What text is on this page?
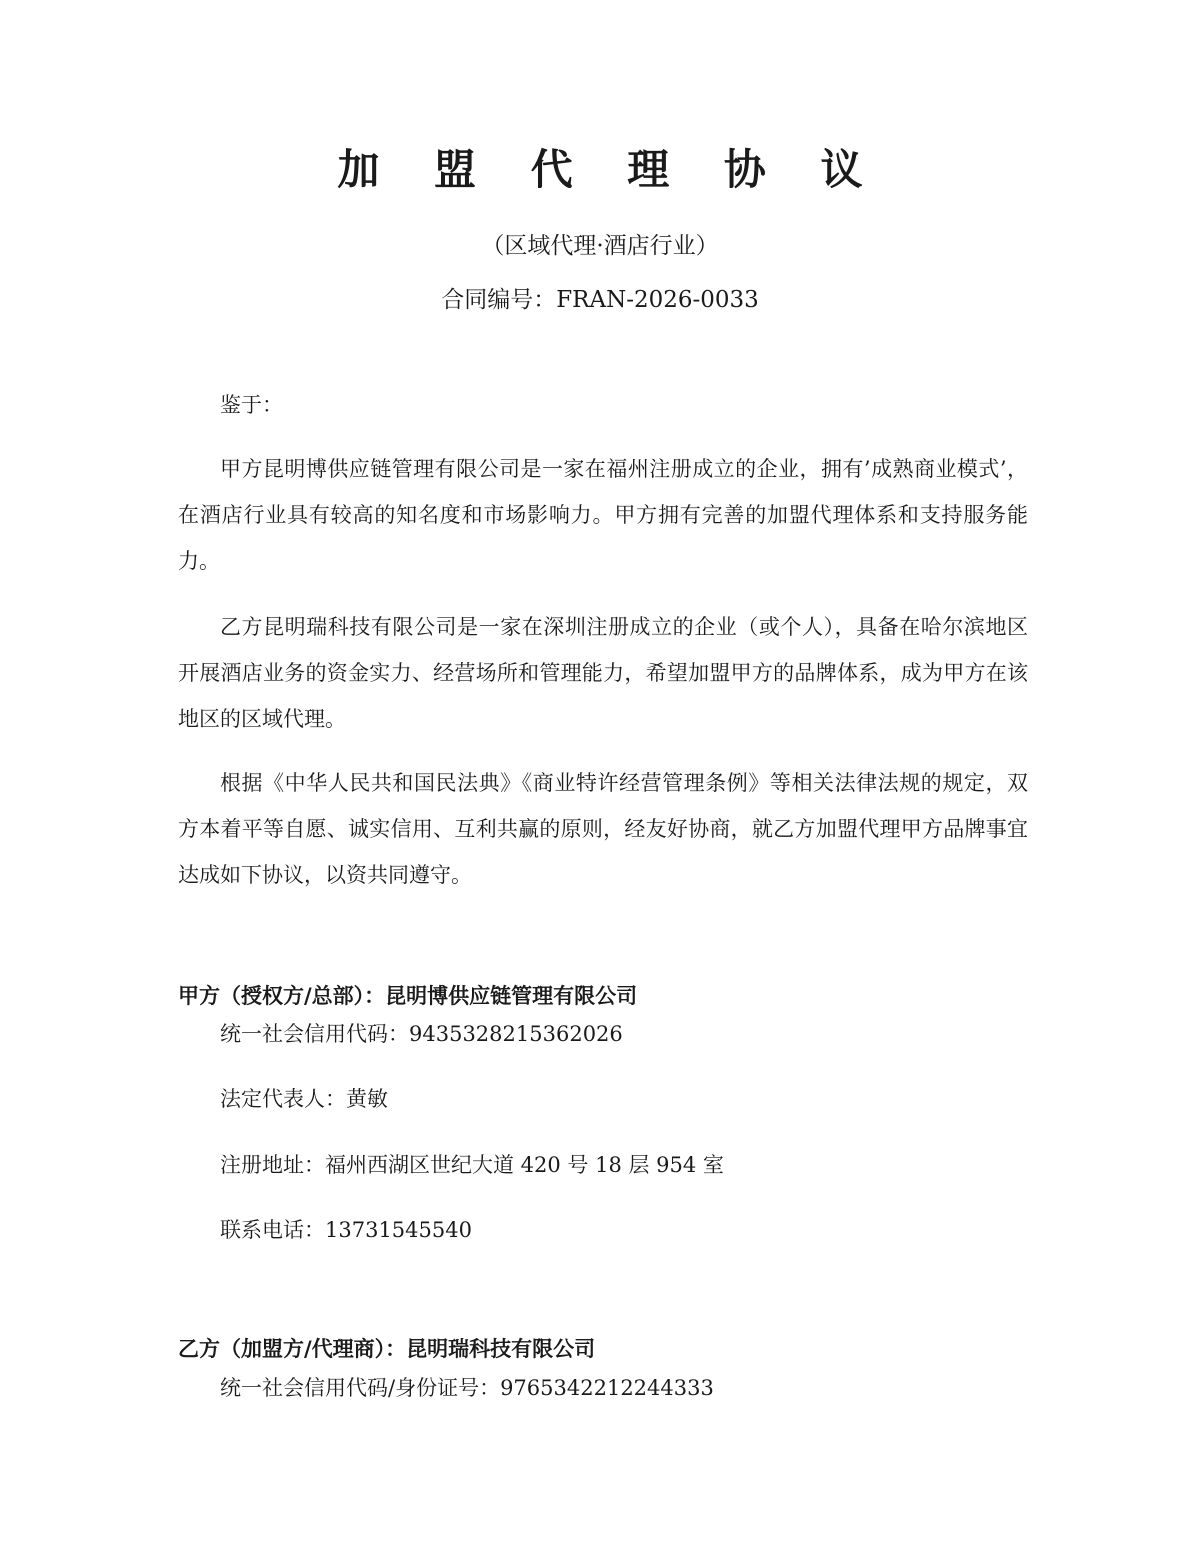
加 盟 代 理 协 议
（区域代理·酒店行业）
合同编号：FRAN-2026-0033
鉴于：
甲方昆明博供应链管理有限公司是一家在福州注册成立的企业，拥有’成熟商业模式’，在酒店行业具有较高的知名度和市场影响力。甲方拥有完善的加盟代理体系和支持服务能力。
乙方昆明瑞科技有限公司是一家在深圳注册成立的企业（或个人），具备在哈尔滨地区开展酒店业务的资金实力、经营场所和管理能力，希望加盟甲方的品牌体系，成为甲方在该地区的区域代理。
根据《中华人民共和国民法典》《商业特许经营管理条例》等相关法律法规的规定，双方本着平等自愿、诚实信用、互利共赢的原则，经友好协商，就乙方加盟代理甲方品牌事宜达成如下协议，以资共同遵守。
甲方（授权方/总部）：昆明博供应链管理有限公司
统一社会信用代码：9435328215362026
法定代表人：黄敏
注册地址：福州西湖区世纪大道 420 号 18 层 954 室
联系电话：13731545540
乙方（加盟方/代理商）：昆明瑞科技有限公司
统一社会信用代码/身份证号：9765342212244333
